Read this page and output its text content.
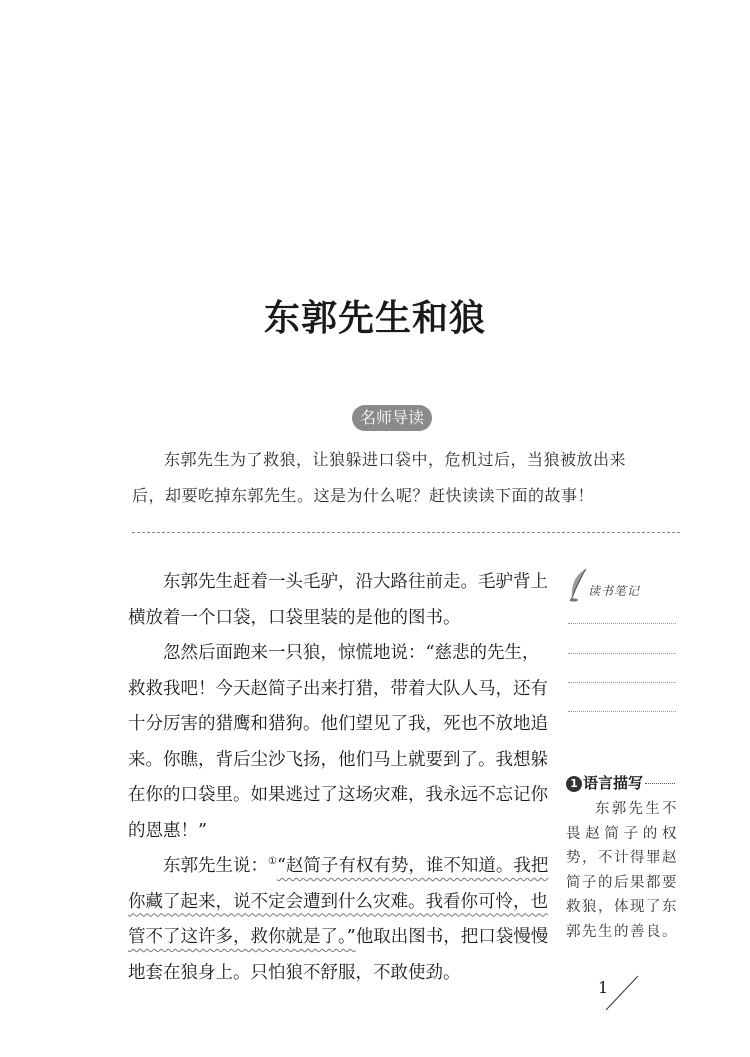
东郭先生和狼
名师导读

东郭先生为了救狼，让狼躲进口袋中，危机过后，当狼被放出来后，却要吃掉东郭先生。这是为什么呢？赶快读读下面的故事！

东郭先生赶着一头毛驴，沿大路往前走。毛驴背上横放着一个口袋，口袋里装的是他的图书。

忽然后面跑来一只狼，惊慌地说：“慈悲的先生，救救我吧！今天赵简子出来打猎，带着大队人马，还有十分厉害的猎鹰和猎狗。他们望见了我，死也不放地追来。你瞧，背后尘沙飞扬，他们马上就要到了。我想躲在你的口袋里。如果逃过了这场灾难，我永远不忘记你的恩惠！”

东郭先生说：①“赵简子有权有势，谁不知道。我把你藏了起来，说不定会遭到什么灾难。我看你可怜，也管不了这许多，救你就是了。”他取出图书，把口袋慢慢地套在狼身上。只怕狼不舒服，不敢使劲。

读书笔记
1 语言描写
东郭先生不畏赵简子的权势，不计得罪赵简子的后果都要救狼，体现了东郭先生的善良。
1
